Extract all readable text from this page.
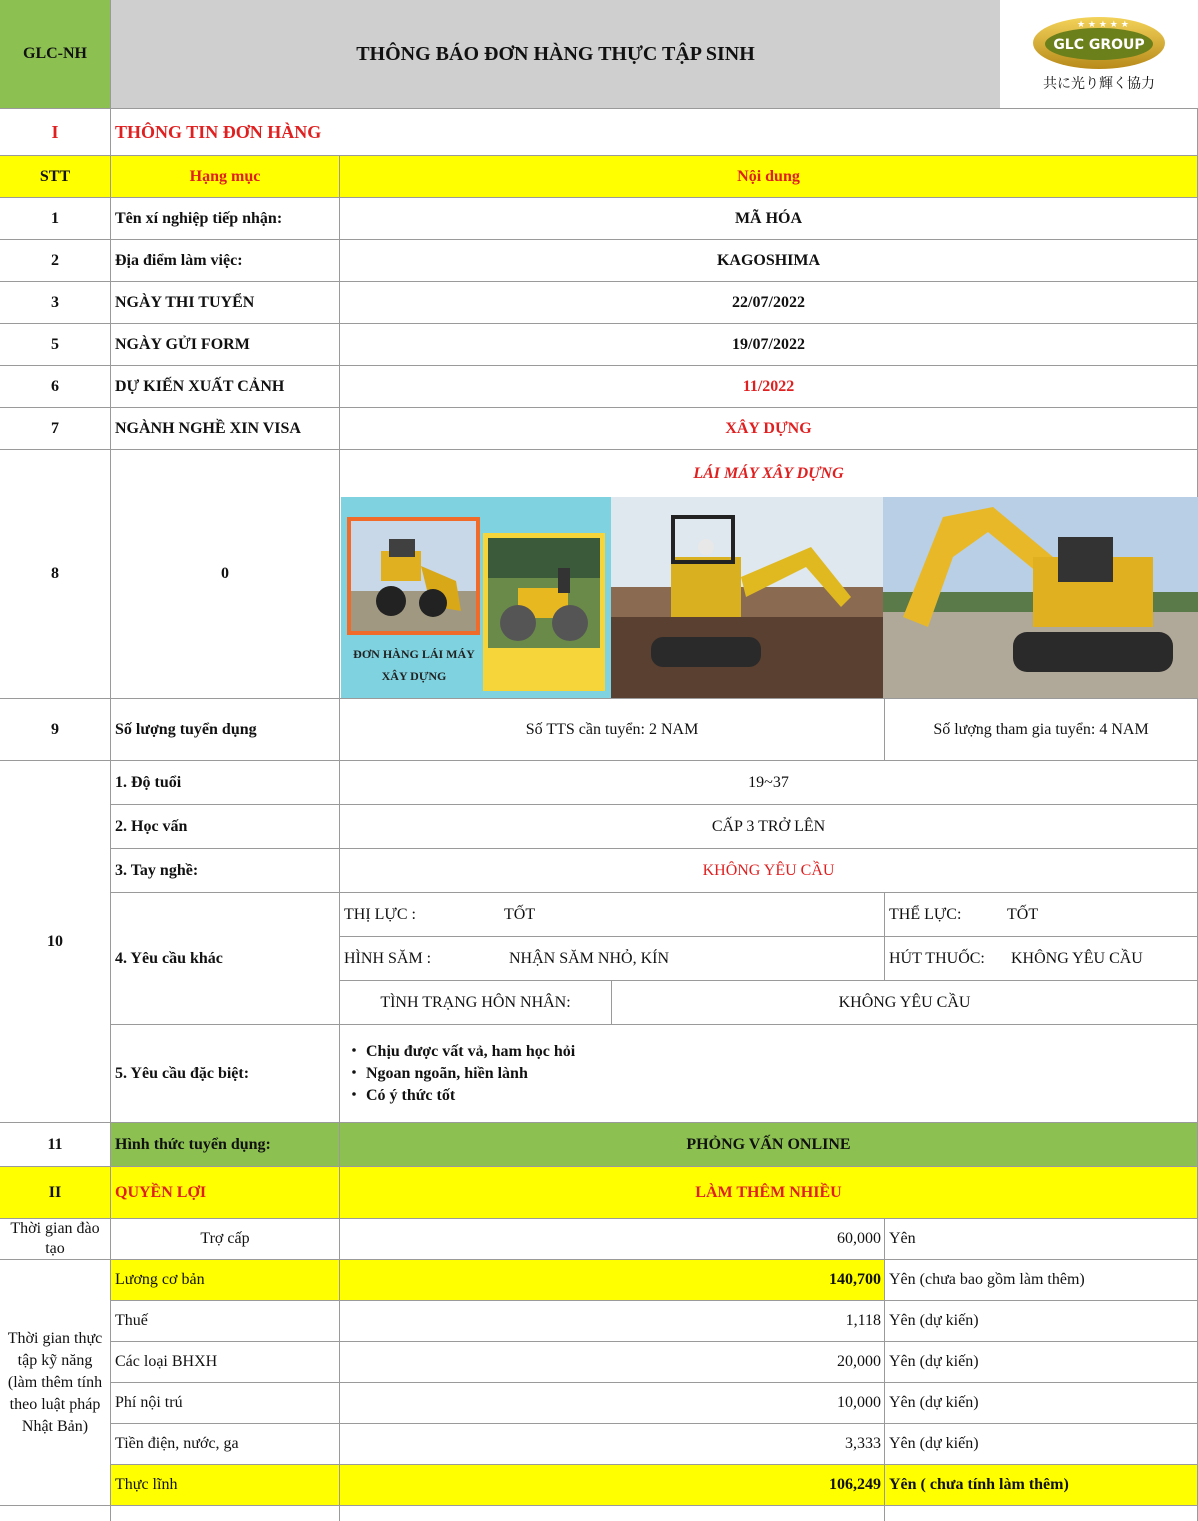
GLC-NH	THÔNG BÁO ĐƠN HÀNG THỰC TẬP SINH
★ ★ ★ ★ ★
GLC GROUP
共に光り輝く協力
I	THÔNG TIN ĐƠN HÀNG
STT	Hạng mục	Nội dung
1	Tên xí nghiệp tiếp nhận:	MÃ HÓA
2	Địa điểm làm việc:	KAGOSHIMA
3	NGÀY THI TUYỂN	22/07/2022
5	NGÀY GỬI FORM	19/07/2022
6	DỰ KIẾN XUẤT CẢNH	11/2022
7	NGÀNH NGHỀ XIN VISA	XÂY DỰNG
8	0
LÁI MÁY XÂY DỰNG
ĐƠN HÀNG LÁI MÁY
XÂY DỰNG
9	Số lượng tuyển dụng	Số TTS cần tuyển: 2 NAM	Số lượng tham gia tuyển: 4 NAM
10
1. Độ tuổi	19~37
2. Học vấn	CẤP 3 TRỞ LÊN
3. Tay nghề:	KHÔNG YÊU CẦU
4. Yêu cầu khác
THỊ LỰC :	TỐT	THỂ LỰC:	TỐT
HÌNH SĂM :	NHẬN SĂM NHỎ, KÍN	HÚT THUỐC:	KHÔNG YÊU CẦU
TÌNH TRẠNG HÔN NHÂN:	KHÔNG YÊU CẦU
5. Yêu cầu đặc biệt:
・ Chịu được vất vả, ham học hỏi
・ Ngoan ngoãn, hiền lành
・ Có ý thức tốt
11	Hình thức tuyển dụng:	PHỎNG VẤN ONLINE
II	QUYỀN LỢI	LÀM THÊM NHIỀU
Thời gian đào tạo
Trợ cấp	60,000 Yên
Thời gian thực tập kỹ năng (làm thêm tính theo luật pháp Nhật Bản)
Lương cơ bản	140,700 Yên (chưa bao gồm làm thêm)
Thuế	1,118 Yên (dự kiến)
Các loại BHXH	20,000 Yên (dự kiến)
Phí nội trú	10,000 Yên (dự kiến)
Tiền điện, nước, ga	3,333 Yên (dự kiến)
Thực lĩnh	106,249 Yên ( chưa tính làm thêm)
